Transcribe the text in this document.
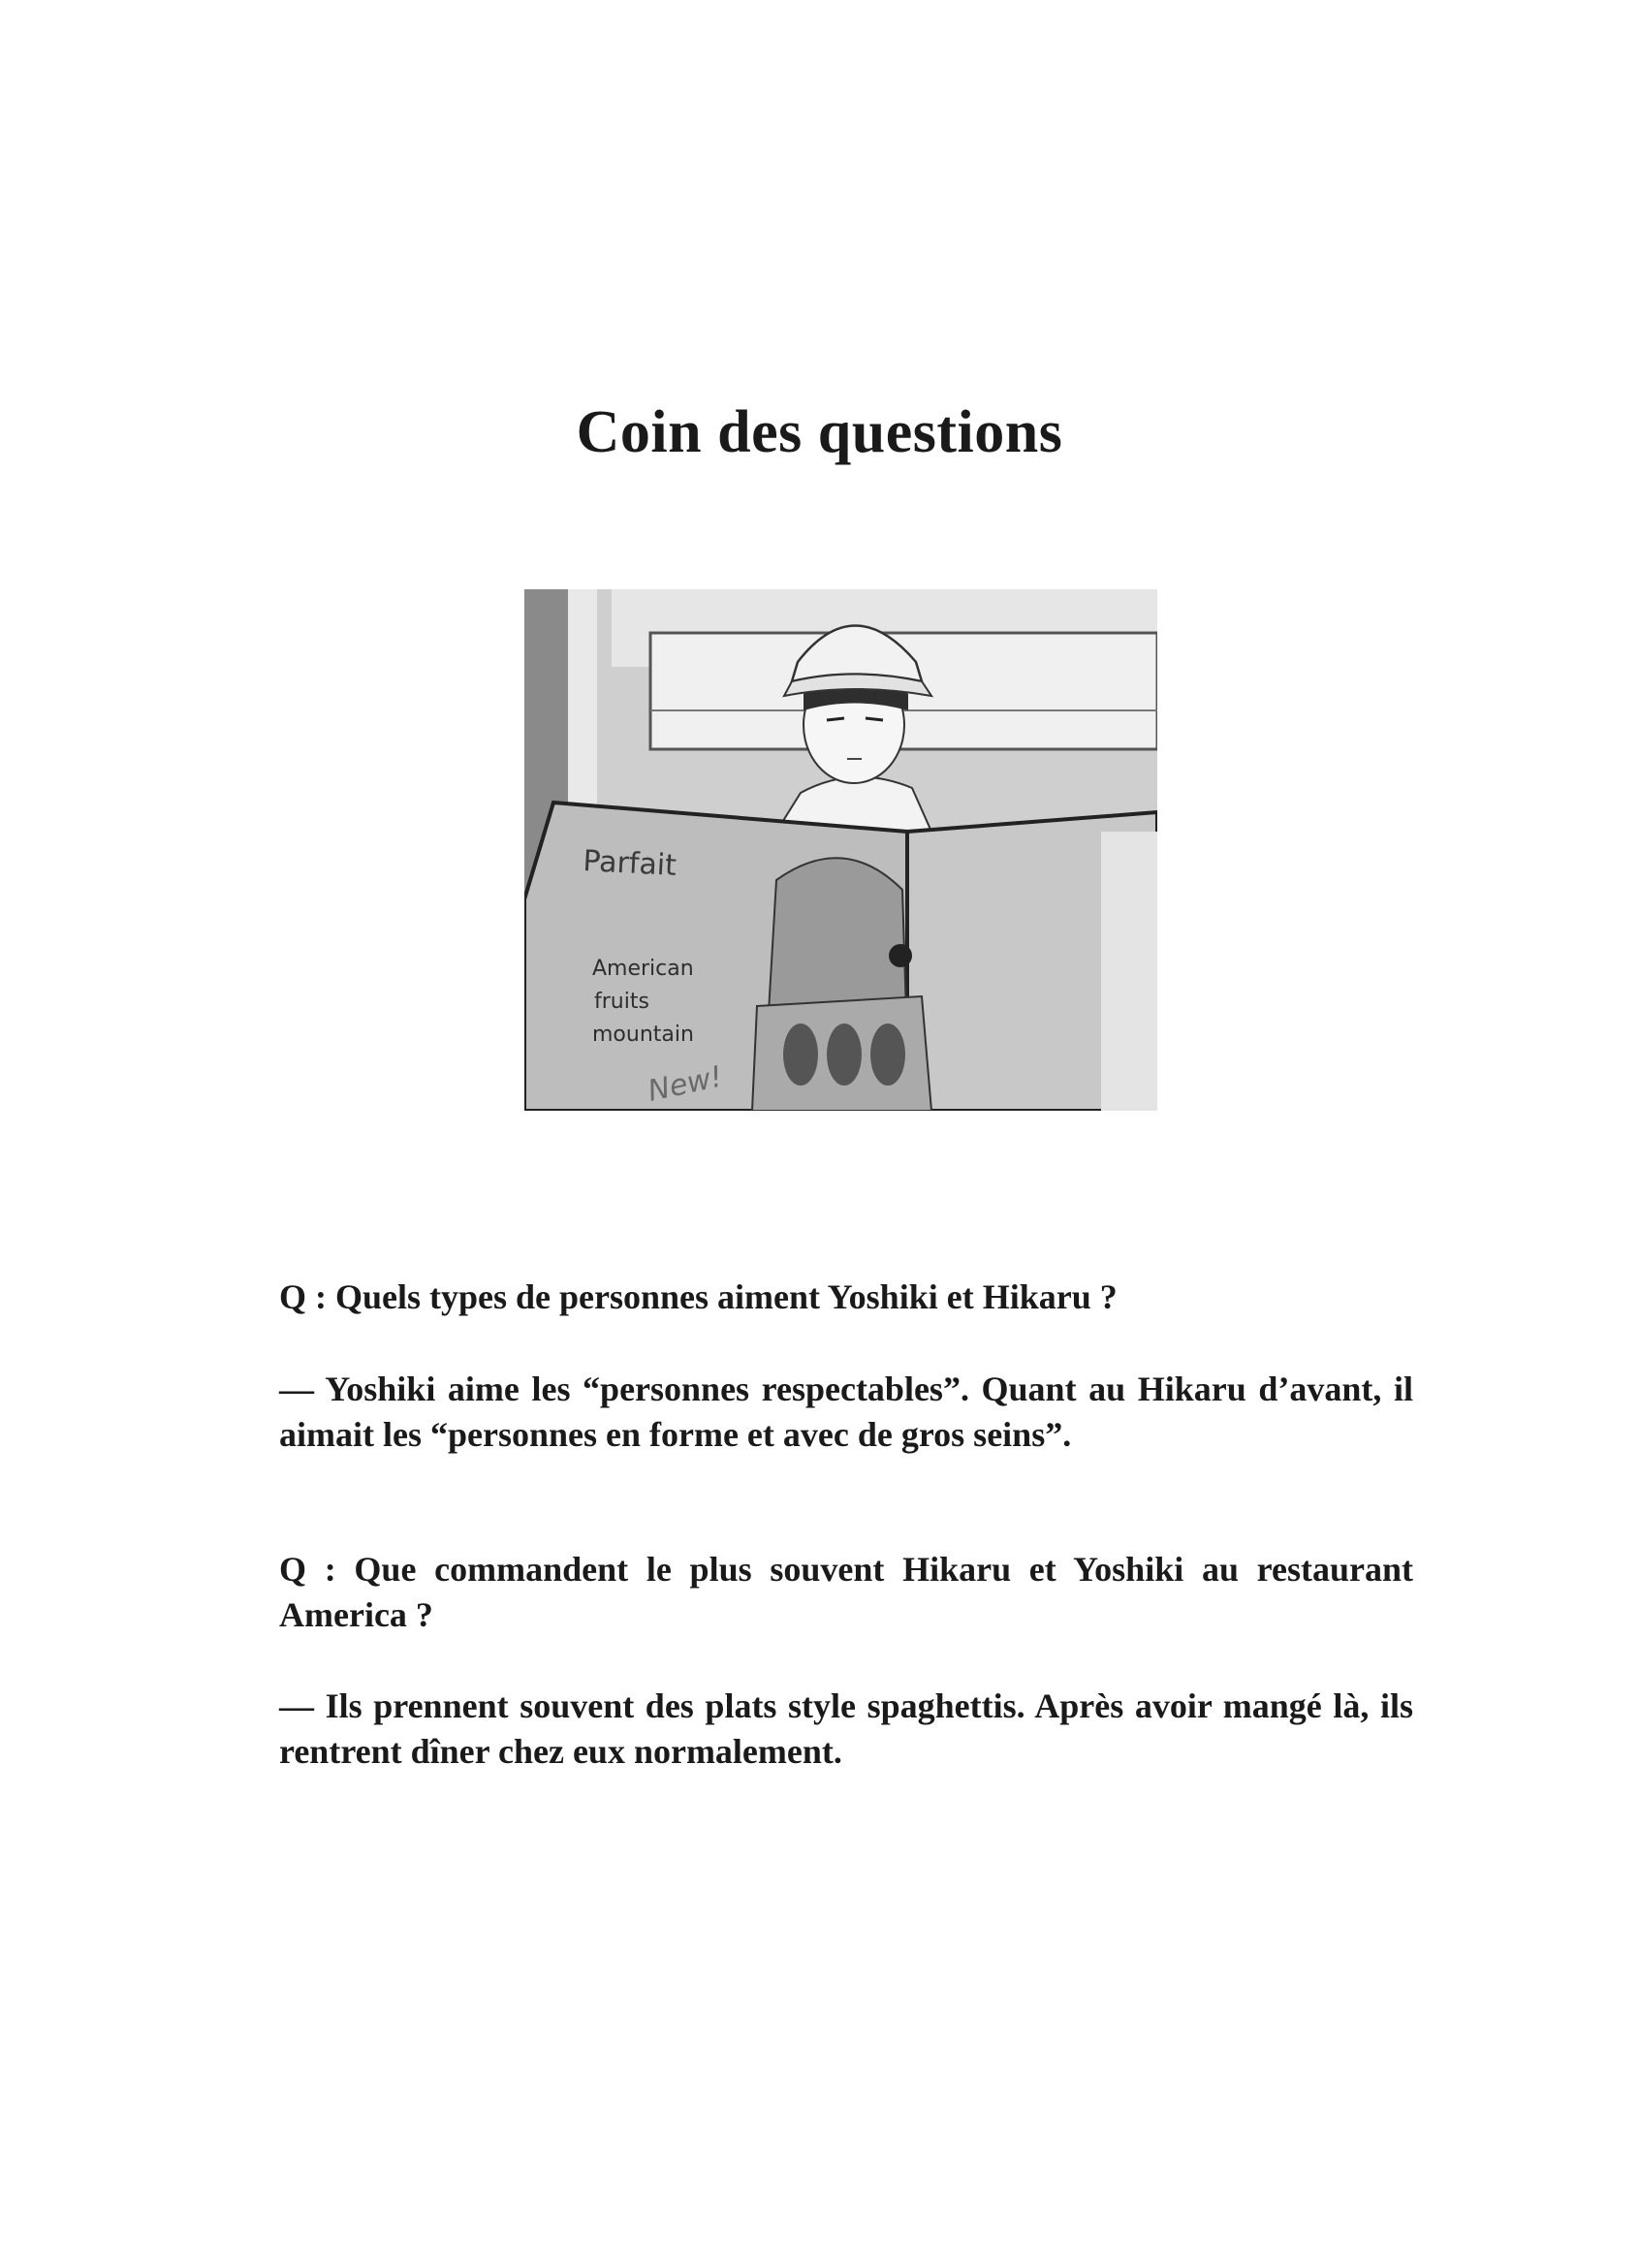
Coin des questions
Parfait
American
fruits
mountain
New!

Q : Quels types de personnes aiment Yoshiki et Hikaru ?

— Yoshiki aime les “personnes respectables”. Quant au Hikaru d’avant, il aimait les “personnes en forme et avec de gros seins”.

Q : Que commandent le plus souvent Hikaru et Yoshiki au restaurant America ?

— Ils prennent souvent des plats style spaghettis. Après avoir mangé là, ils rentrent dîner chez eux normalement.
